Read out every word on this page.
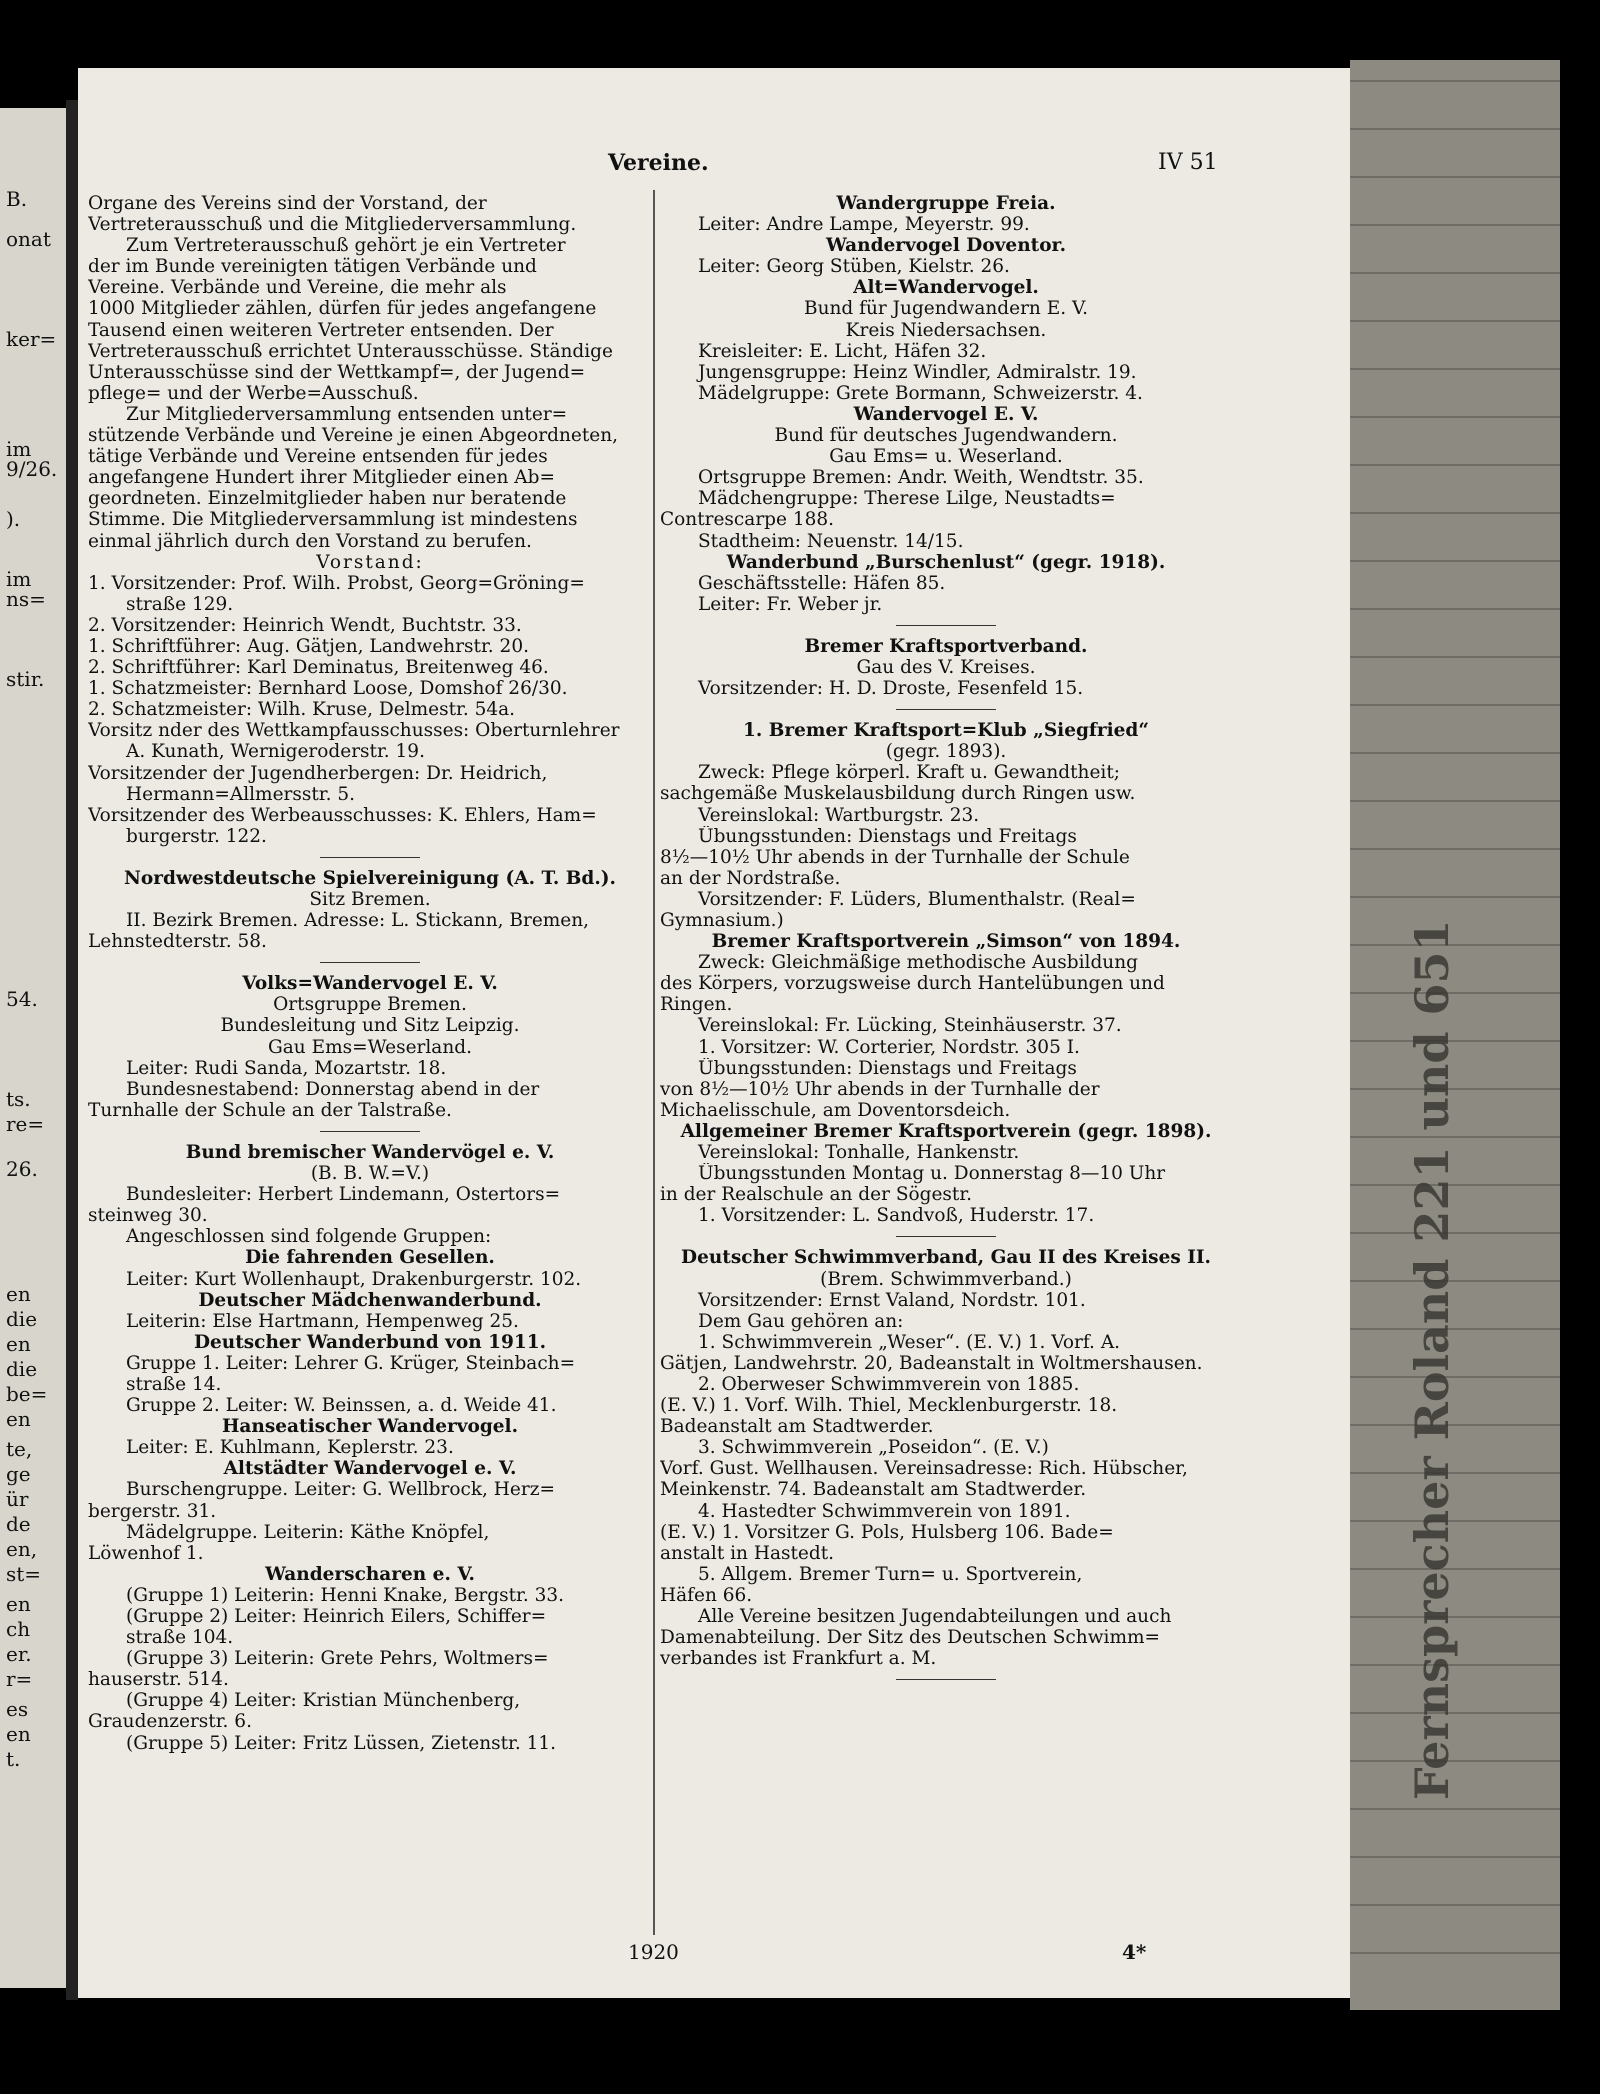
B.
onat
ker=
im
9/26.
).
im
ns=
stir.
54.
ts.
re=
26.
en
die
en
die
be=
en
te,
ge
ür
de
en,
st=
en
ch
er.
r=
es
en
t.	Fernsprecher Roland 221 und 651
Vereine.	IV 51
Organe des Vereins sind der Vorstand, der
Vertreterausschuß und die Mitgliederversammlung.
Zum Vertreterausschuß gehört je ein Vertreter
der im Bunde vereinigten tätigen Verbände und
Vereine. Verbände und Vereine, die mehr als
1000 Mitglieder zählen, dürfen für jedes angefangene
Tausend einen weiteren Vertreter entsenden. Der
Vertreterausschuß errichtet Unterausschüsse. Ständige
Unterausschüsse sind der Wettkampf=, der Jugend=
pflege= und der Werbe=Ausschuß.
Zur Mitgliederversammlung entsenden unter=
stützende Verbände und Vereine je einen Abgeordneten,
tätige Verbände und Vereine entsenden für jedes
angefangene Hundert ihrer Mitglieder einen Ab=
geordneten. Einzelmitglieder haben nur beratende
Stimme. Die Mitgliederversammlung ist mindestens
einmal jährlich durch den Vorstand zu berufen.
Vorstand:
1. Vorsitzender: Prof. Wilh. Probst, Georg=Gröning=
straße 129.
2. Vorsitzender: Heinrich Wendt, Buchtstr. 33.
1. Schriftführer: Aug. Gätjen, Landwehrstr. 20.
2. Schriftführer: Karl Deminatus, Breitenweg 46.
1. Schatzmeister: Bernhard Loose, Domshof 26/30.
2. Schatzmeister: Wilh. Kruse, Delmestr. 54a.
Vorsitz nder des Wettkampfausschusses: Oberturnlehrer
A. Kunath, Wernigeroderstr. 19.
Vorsitzender der Jugendherbergen: Dr. Heidrich,
Hermann=Allmersstr. 5.
Vorsitzender des Werbeausschusses: K. Ehlers, Ham=
burgerstr. 122.
Nordwestdeutsche Spielvereinigung (A. T. Bd.).
Sitz Bremen.
II. Bezirk Bremen. Adresse: L. Stickann, Bremen,
Lehnstedterstr. 58.
Volks=Wandervogel E. V.
Ortsgruppe Bremen.
Bundesleitung und Sitz Leipzig.
Gau Ems=Weserland.
Leiter: Rudi Sanda, Mozartstr. 18.
Bundesnestabend: Donnerstag abend in der
Turnhalle der Schule an der Talstraße.
Bund bremischer Wandervögel e. V.
(B. B. W.=V.)
Bundesleiter: Herbert Lindemann, Ostertors=
steinweg 30.
Angeschlossen sind folgende Gruppen:
Die fahrenden Gesellen.
Leiter: Kurt Wollenhaupt, Drakenburgerstr. 102.
Deutscher Mädchenwanderbund.
Leiterin: Else Hartmann, Hempenweg 25.
Deutscher Wanderbund von 1911.
Gruppe 1. Leiter: Lehrer G. Krüger, Steinbach=
straße 14.
Gruppe 2. Leiter: W. Beinssen, a. d. Weide 41.
Hanseatischer Wandervogel.
Leiter: E. Kuhlmann, Keplerstr. 23.
Altstädter Wandervogel e. V.
Burschengruppe. Leiter: G. Wellbrock, Herz=
bergerstr. 31.
Mädelgruppe. Leiterin: Käthe Knöpfel,
Löwenhof 1.
Wanderscharen e. V.
(Gruppe 1) Leiterin: Henni Knake, Bergstr. 33.
(Gruppe 2) Leiter: Heinrich Eilers, Schiffer=
straße 104.
(Gruppe 3) Leiterin: Grete Pehrs, Woltmers=
hauserstr. 514.
(Gruppe 4) Leiter: Kristian Münchenberg,
Graudenzerstr. 6.
(Gruppe 5) Leiter: Fritz Lüssen, Zietenstr. 11.
Wandergruppe Freia.
Leiter: Andre Lampe, Meyerstr. 99.
Wandervogel Doventor.
Leiter: Georg Stüben, Kielstr. 26.
Alt=Wandervogel.
Bund für Jugendwandern E. V.
Kreis Niedersachsen.
Kreisleiter: E. Licht, Häfen 32.
Jungensgruppe: Heinz Windler, Admiralstr. 19.
Mädelgruppe: Grete Bormann, Schweizerstr. 4.
Wandervogel E. V.
Bund für deutsches Jugendwandern.
Gau Ems= u. Weserland.
Ortsgruppe Bremen: Andr. Weith, Wendtstr. 35.
Mädchengruppe: Therese Lilge, Neustadts=
Contrescarpe 188.
Stadtheim: Neuenstr. 14/15.
Wanderbund „Burschenlust“ (gegr. 1918).
Geschäftsstelle: Häfen 85.
Leiter: Fr. Weber jr.
Bremer Kraftsportverband.
Gau des V. Kreises.
Vorsitzender: H. D. Droste, Fesenfeld 15.
1. Bremer Kraftsport=Klub „Siegfried“
(gegr. 1893).
Zweck: Pflege körperl. Kraft u. Gewandtheit;
sachgemäße Muskelausbildung durch Ringen usw.
Vereinslokal: Wartburgstr. 23.
Übungsstunden: Dienstags und Freitags
8½—10½ Uhr abends in der Turnhalle der Schule
an der Nordstraße.
Vorsitzender: F. Lüders, Blumenthalstr. (Real=
Gymnasium.)
Bremer Kraftsportverein „Simson“ von 1894.
Zweck: Gleichmäßige methodische Ausbildung
des Körpers, vorzugsweise durch Hantelübungen und
Ringen.
Vereinslokal: Fr. Lücking, Steinhäuserstr. 37.
1. Vorsitzer: W. Corterier, Nordstr. 305 I.
Übungsstunden: Dienstags und Freitags
von 8½—10½ Uhr abends in der Turnhalle der
Michaelisschule, am Doventorsdeich.
Allgemeiner Bremer Kraftsportverein (gegr. 1898).
Vereinslokal: Tonhalle, Hankenstr.
Übungsstunden Montag u. Donnerstag 8—10 Uhr
in der Realschule an der Sögestr.
1. Vorsitzender: L. Sandvoß, Huderstr. 17.
Deutscher Schwimmverband, Gau II des Kreises II.
(Brem. Schwimmverband.)
Vorsitzender: Ernst Valand, Nordstr. 101.
Dem Gau gehören an:
1. Schwimmverein „Weser“. (E. V.) 1. Vorf. A.
Gätjen, Landwehrstr. 20, Badeanstalt in Woltmershausen.
2. Oberweser Schwimmverein von 1885.
(E. V.) 1. Vorf. Wilh. Thiel, Mecklenburgerstr. 18.
Badeanstalt am Stadtwerder.
3. Schwimmverein „Poseidon“. (E. V.)
Vorf. Gust. Wellhausen. Vereinsadresse: Rich. Hübscher,
Meinkenstr. 74. Badeanstalt am Stadtwerder.
4. Hastedter Schwimmverein von 1891.
(E. V.) 1. Vorsitzer G. Pols, Hulsberg 106. Bade=
anstalt in Hastedt.
5. Allgem. Bremer Turn= u. Sportverein,
Häfen 66.
Alle Vereine besitzen Jugendabteilungen und auch
Damenabteilung. Der Sitz des Deutschen Schwimm=
verbandes ist Frankfurt a. M.
1920	4*
